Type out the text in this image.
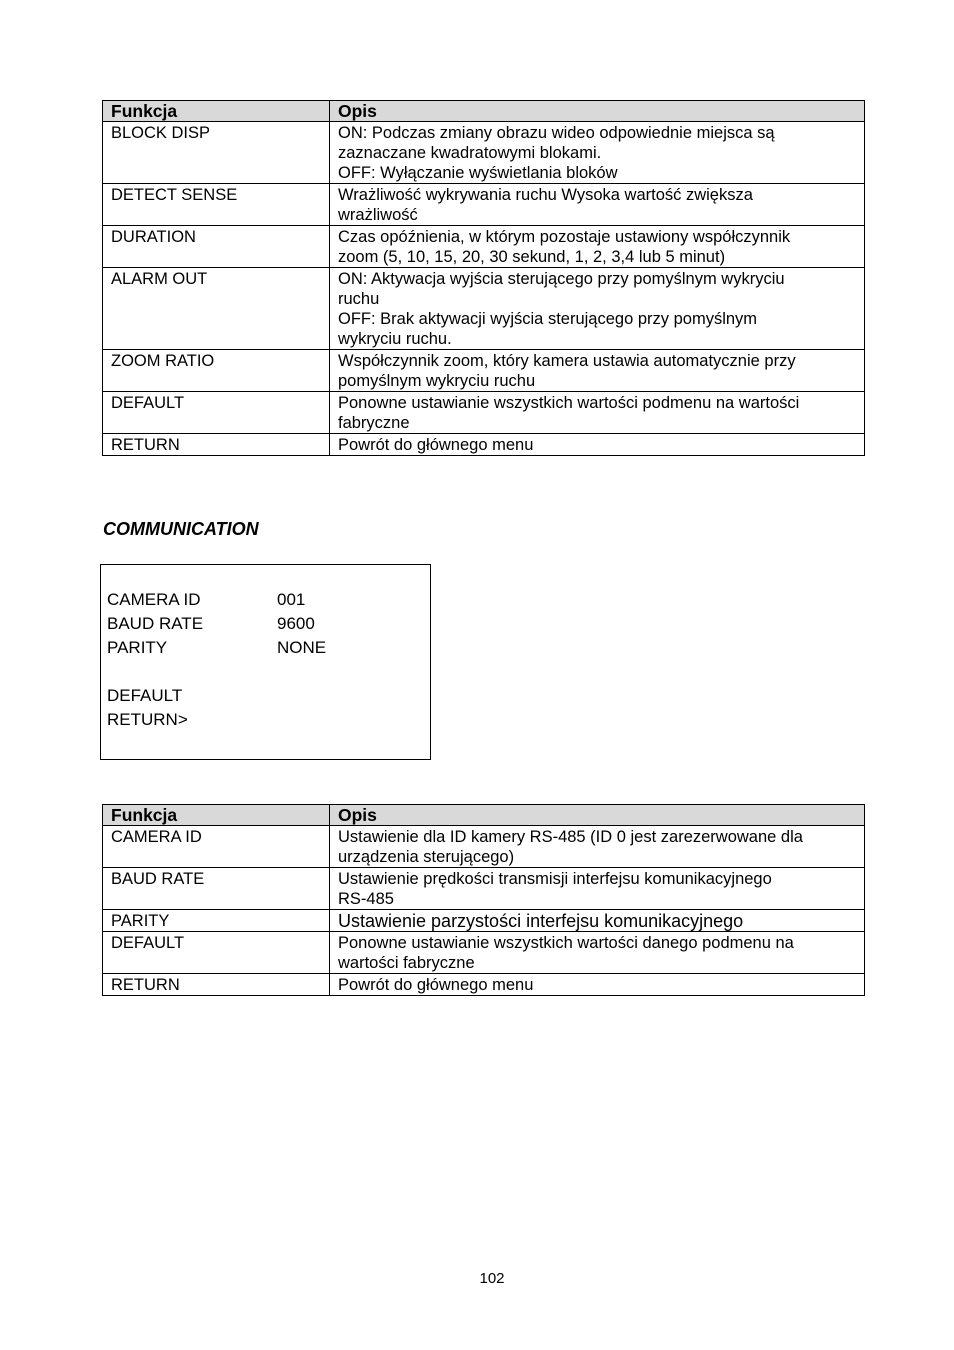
Funkcja	Opis
BLOCK DISP	ON: Podczas zmiany obrazu wideo odpowiednie miejsca są
zaznaczane kwadratowymi blokami.
OFF: Wyłączanie wyświetlania bloków

DETECT SENSE	Wrażliwość wykrywania ruchu Wysoka wartość zwiększa
wrażliwość

DURATION	Czas opóźnienia, w którym pozostaje ustawiony współczynnik
zoom (5, 10, 15, 20, 30 sekund, 1, 2, 3,4 lub 5 minut)

ALARM OUT	ON: Aktywacja wyjścia sterującego przy pomyślnym wykryciu
ruchu
OFF: Brak aktywacji wyjścia sterującego przy pomyślnym
wykryciu ruchu.

ZOOM RATIO	Współczynnik zoom, który kamera ustawia automatycznie przy
pomyślnym wykryciu ruchu

DEFAULT	Ponowne ustawianie wszystkich wartości podmenu na wartości
fabryczne

RETURN	Powrót do głównego menu
COMMUNICATION
CAMERA ID	001
BAUD RATE	9600
PARITY	NONE
DEFAULT
RETURN>
Funkcja	Opis
CAMERA ID	Ustawienie dla ID kamery RS-485 (ID 0 jest zarezerwowane dla
urządzenia sterującego)

BAUD RATE	Ustawienie prędkości transmisji interfejsu komunikacyjnego
RS-485

PARITY	Ustawienie parzystości interfejsu komunikacyjnego

DEFAULT	Ponowne ustawianie wszystkich wartości danego podmenu na
wartości fabryczne

RETURN	Powrót do głównego menu
102
